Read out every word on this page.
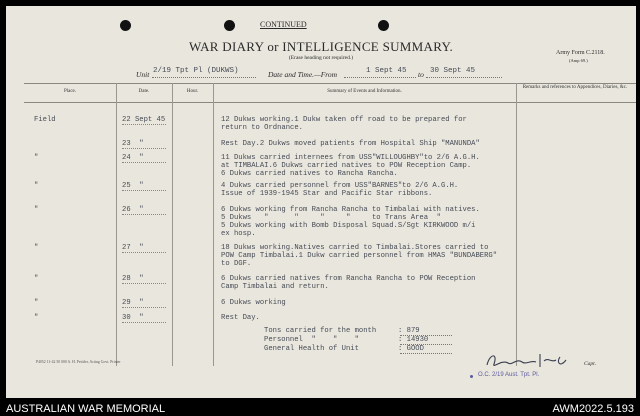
CONTINUED
WAR DIARY or INTELLIGENCE SUMMARY.
(Erase heading not required.)
Army Form C.2118.
(Amp 69.)
Unit 2/19 Tpt Pl (DUKWS)	Date and Time.—From	1 Sept 45 to 30 Sept 45
Place.	Date.	Hour.	Summary of Events and Information.
Remarks and references to Appendices, Diaries, &c.
Field	22 Sept 45	12 Dukws working.1 Dukw taken off road to be prepared for
return to Ordnance.
23  "	Rest Day.2 Dukws moved patients from Hospital Ship "MANUNDA"
"	24  "	11 Dukws carried internees from USS"WILLOUGHBY"to 2/6 A.G.H.
at TIMBALAI.6 Dukws carried natives to POW Reception Camp.
6 Dukws carried natives to Rancha Rancha.
"	25  "	4 Dukws carried personnel from USS"BARNES"to 2/6 A.G.H.
Issue of 1939-1945 Star and Pacific Star ribbons.
"	26  "	6 Dukws working from Rancha Rancha to Timbalai with natives.
5 Dukws   "      "     "     "     to Trans Area  "
5 Dukws working with Bomb Disposal Squad.S/Sgt KIRKWOOD m/i
ex hosp.
"	27  "	18 Dukws working.Natives carried to Timbalai.Stores carried to
POW Camp Timbalai.1 Dukw carried personnel from HMAS "BUNDABERG"
to DGF.
"	28  "	6 Dukws carried natives from Rancha Rancha to POW Reception
Camp Timbalai and return.
"	29  "	6 Dukws working
"	30  "	Rest Day.
Tons carried for the month	: 879
Personnel  "    "    "	: 14930
General Health of Unit	: GOOD
P4052 11-42 50 000 A. H. Pettifer, Acting Govt. Printer	Capt.
O.C. 2/19 Aust. Tpt. Pl.
AUSTRALIAN WAR MEMORIAL	AWM2022.5.193
